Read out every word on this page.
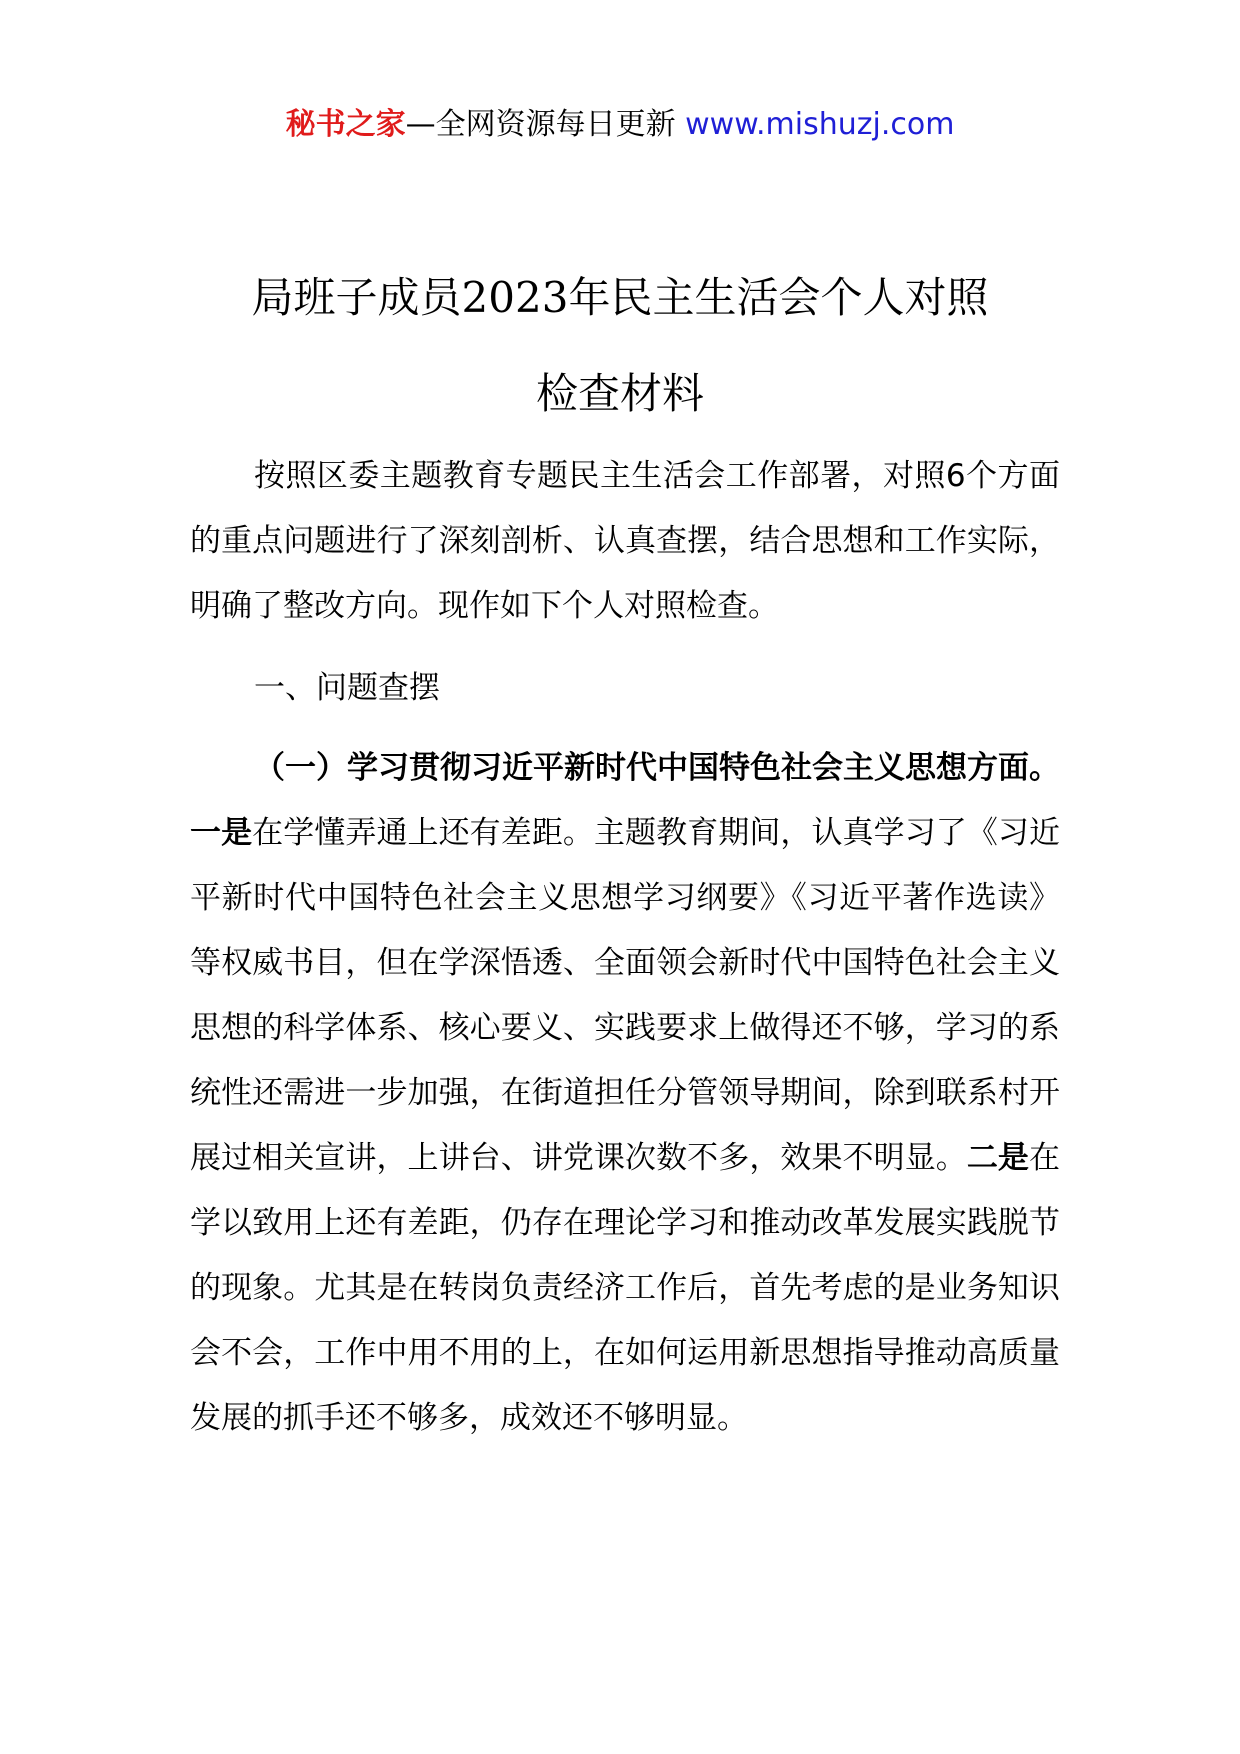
秘书之家—全网资源每日更新 www.mishuzj.com
局班子成员2023年民主生活会个人对照
检查材料

按照区委主题教育专题民主生活会工作部署，对照6个方面的重点问题进行了深刻剖析、认真查摆，结合思想和工作实际，明确了整改方向。现作如下个人对照检查。

一、问题查摆

（一）学习贯彻习近平新时代中国特色社会主义思想方面。一是在学懂弄通上还有差距。主题教育期间，认真学习了《习近平新时代中国特色社会主义思想学习纲要》《习近平著作选读》等权威书目，但在学深悟透、全面领会新时代中国特色社会主义思想的科学体系、核心要义、实践要求上做得还不够，学习的系统性还需进一步加强，在街道担任分管领导期间，除到联系村开展过相关宣讲，上讲台、讲党课次数不多，效果不明显。二是在学以致用上还有差距，仍存在理论学习和推动改革发展实践脱节的现象。尤其是在转岗负责经济工作后，首先考虑的是业务知识会不会，工作中用不用的上，在如何运用新思想指导推动高质量发展的抓手还不够多，成效还不够明显。
